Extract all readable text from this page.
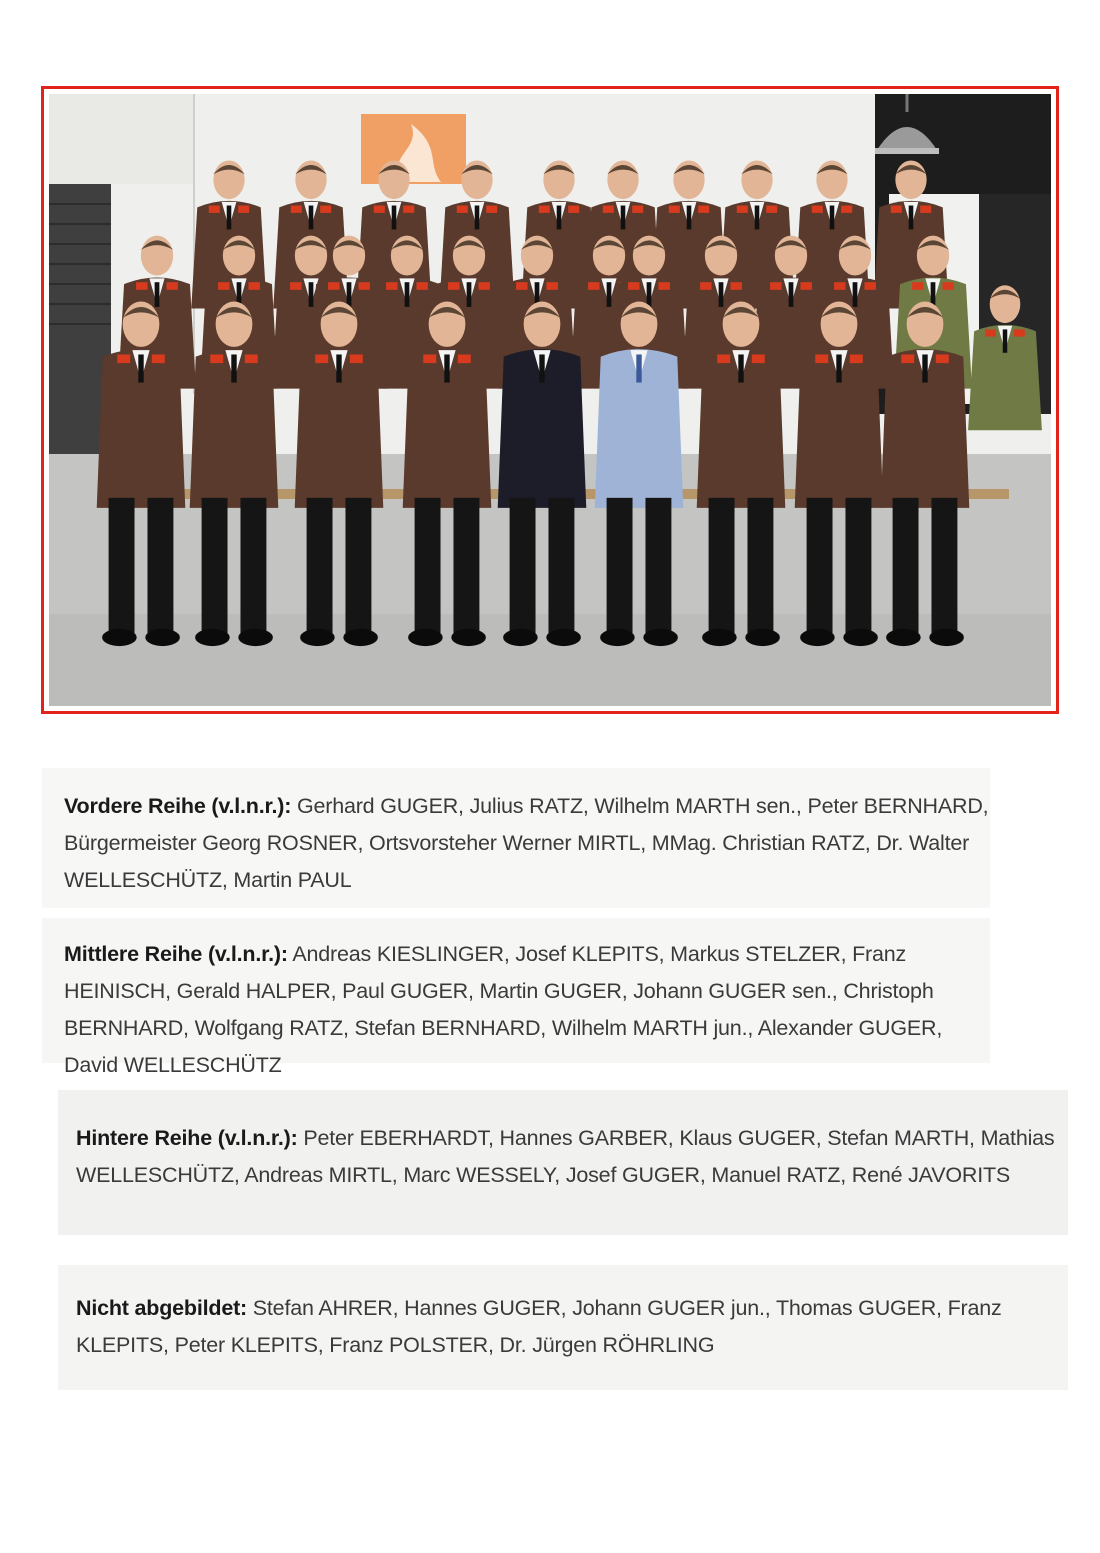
Vordere Reihe (v.l.n.r.): Gerhard GUGER, Julius RATZ, Wilhelm MARTH sen., Peter BERNHARD, Bürgermeister Georg ROSNER, Ortsvorsteher Werner MIRTL, MMag. Christian RATZ, Dr. Walter WELLESCHÜTZ, Martin PAUL
Mittlere Reihe (v.l.n.r.): Andreas KIESLINGER, Josef KLEPITS, Markus STELZER, Franz HEINISCH, Gerald HALPER, Paul GUGER, Martin GUGER, Johann GUGER sen., Christoph BERNHARD, Wolfgang RATZ, Stefan BERNHARD, Wilhelm MARTH jun., Alexander GUGER, David WELLESCHÜTZ
Hintere Reihe (v.l.n.r.): Peter EBERHARDT, Hannes GARBER, Klaus GUGER, Stefan MARTH, Mathias WELLESCHÜTZ, Andreas MIRTL, Marc WESSELY, Josef GUGER, Manuel RATZ, René JAVORITS
Nicht abgebildet: Stefan AHRER, Hannes GUGER, Johann GUGER jun., Thomas GUGER, Franz KLEPITS, Peter KLEPITS, Franz POLSTER, Dr. Jürgen RÖHRLING
